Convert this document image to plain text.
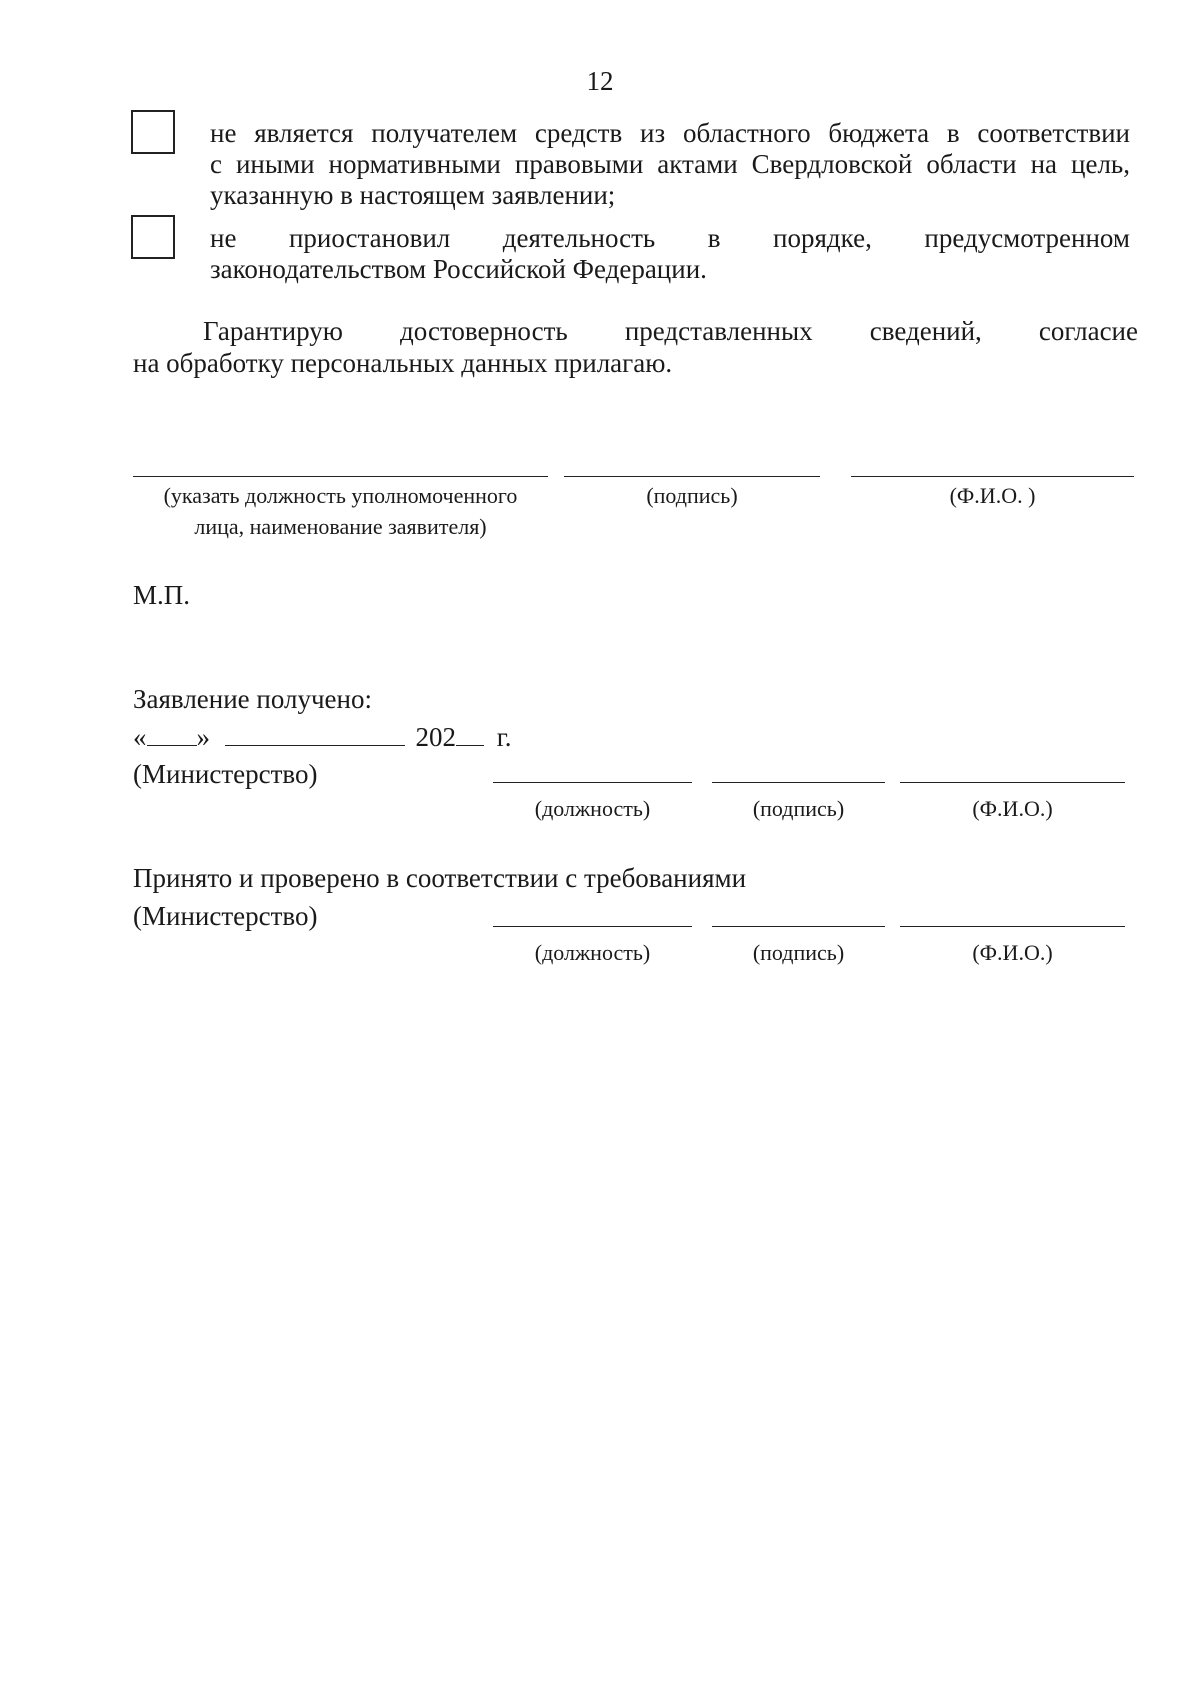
12
не является получателем средств из областного бюджета в соответствии
с иными нормативными правовыми актами Свердловской области на цель,
указанную в настоящем заявлении;
не приостановил деятельность в порядке, предусмотренном
законодательством Российской Федерации.
Гарантирую достоверность представленных сведений, согласие
на обработку персональных данных прилагаю.
(указать должность уполномоченного
лица, наименование заявителя)
(подпись)	(Ф.И.О. )
М.П.
Заявление получено:
« »	202 г.
(Министерство)
(должность)	(подпись)	(Ф.И.О.)
Принято и проверено в соответствии с требованиями
(Министерство)
(должность)	(подпись)	(Ф.И.О.)
